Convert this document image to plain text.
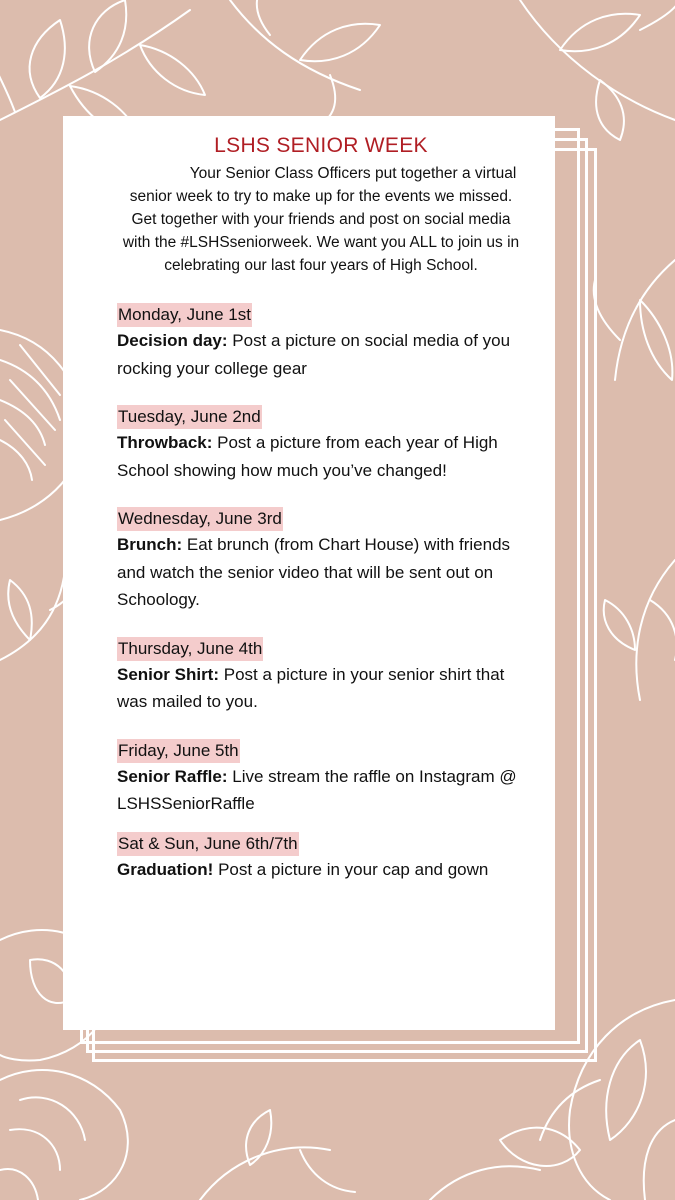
LSHS SENIOR WEEK

Your Senior Class Officers put together a virtual senior week to try to make up for the events we missed. Get together with your friends and post on social media with the #LSHSseniorweek. We want you ALL to join us in celebrating our last four years of High School.

Monday, June 1st

Decision day: Post a picture on social media of you rocking your college gear

Tuesday, June 2nd

Throwback: Post a picture from each year of High School showing how much you’ve changed!

Wednesday, June 3rd

Brunch: Eat brunch (from Chart House) with friends and watch the senior video that will be sent out on Schoology.

Thursday, June 4th

Senior Shirt: Post a picture in your senior shirt that was mailed to you.

Friday, June 5th

Senior Raffle: Live stream the raffle on Instagram @ LSHSSeniorRaffle

Sat & Sun, June 6th/7th

Graduation! Post a picture in your cap and gown
